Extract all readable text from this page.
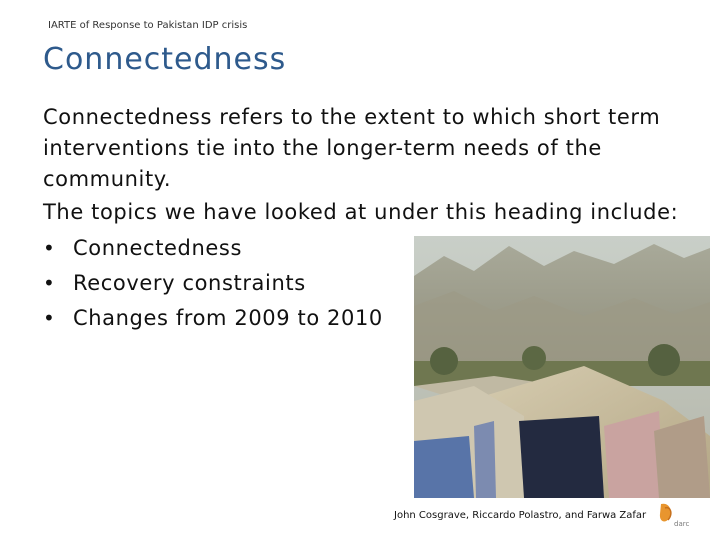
IARTE of Response to Pakistan IDP crisis
Connectedness

Connectedness refers to the extent to which short term interventions tie into the longer-term needs of the community.

The topics we have looked at under this heading include:

• Connectedness
• Recovery constraints
• Changes from 2009 to 2010
John Cosgrave, Riccardo Polastro, and Farwa Zafar
darc
